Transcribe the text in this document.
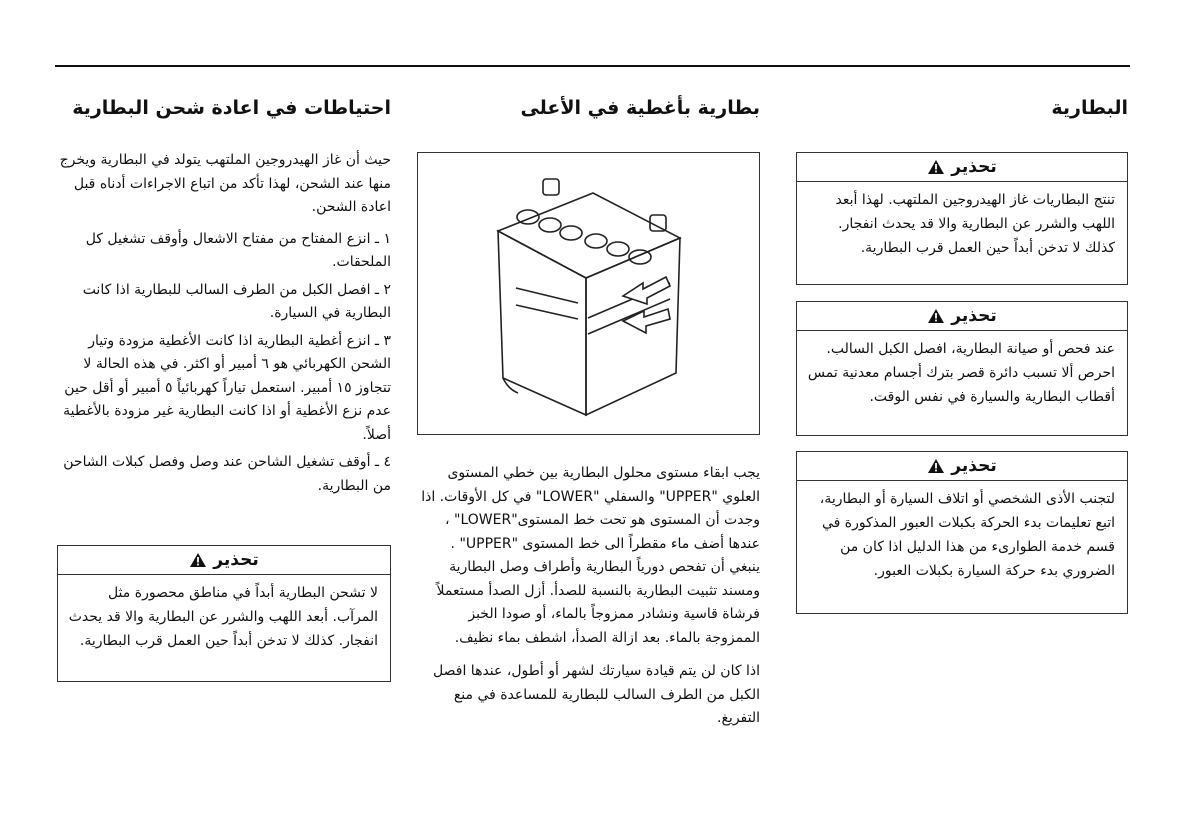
البطارية
تحذير
تنتج البطاريات غاز الهيدروجين الملتهب. لهذا أبعد اللهب والشرر عن البطارية والا قد يحدث انفجار. كذلك لا تدخن أبداً حين العمل قرب البطارية.
تحذير
عند فحص أو صيانة البطارية، افصل الكبل السالب. احرص ألا تسبب دائرة قصر بترك أجسام معدنية تمس أقطاب البطارية والسيارة في نفس الوقت.
تحذير
لتجنب الأذى الشخصي أو اتلاف السيارة أو البطارية، اتبع تعليمات بدء الحركة بكبلات العبور المذكورة في قسم خدمة الطوارىء من هذا الدليل اذا كان من الضروري بدء حركة السيارة بكبلات العبور.
بطارية بأغطية في الأعلى

يجب ابقاء مستوى محلول البطارية بين خطي المستوى العلوي "UPPER" والسفلي "LOWER" في كل الأوقات. اذا وجدت أن المستوى هو تحت خط المستوى"LOWER" ، عندها أضف ماء مقطراً الى خط المستوى "UPPER" . ينبغي أن تفحص دورياً البطارية وأطراف وصل البطارية ومسند تثبيت البطارية بالنسبة للصدأ. أزل الصدأ مستعملاً فرشاة قاسية ونشادر ممزوجاً بالماء، أو صودا الخبز الممزوجة بالماء. بعد ازالة الصدأ، اشطف بماء نظيف.

اذا كان لن يتم قيادة سيارتك لشهر أو أطول، عندها افصل الكبل من الطرف السالب للبطارية للمساعدة في منع التفريغ.

احتياطات في اعادة شحن البطارية

حيث أن غاز الهيدروجين الملتهب يتولد في البطارية ويخرج منها عند الشحن، لهذا تأكد من اتباع الاجراءات أدناه قبل اعادة الشحن.

١ ـ انزع المفتاح من مفتاح الاشعال وأوقف تشغيل كل الملحقات.
٢ ـ افصل الكبل من الطرف السالب للبطارية اذا كانت البطارية في السيارة.
٣ ـ انزع أغطية البطارية اذا كانت الأغطية مزودة وتيار الشحن الكهربائي هو ٦ أمبير أو اكثر. في هذه الحالة لا تتجاوز ١٥ أمبير. استعمل تياراً كهربائياً ٥ أمبير أو أقل حين عدم نزع الأغطية أو اذا كانت البطارية غير مزودة بالأغطية أصلاً.
٤ ـ أوقف تشغيل الشاحن عند وصل وفصل كبلات الشاحن من البطارية.
تحذير
لا تشحن البطارية أبداً في مناطق محصورة مثل المرآب. أبعد اللهب والشرر عن البطارية والا قد يحدث انفجار. كذلك لا تدخن أبداً حين العمل قرب البطارية.
